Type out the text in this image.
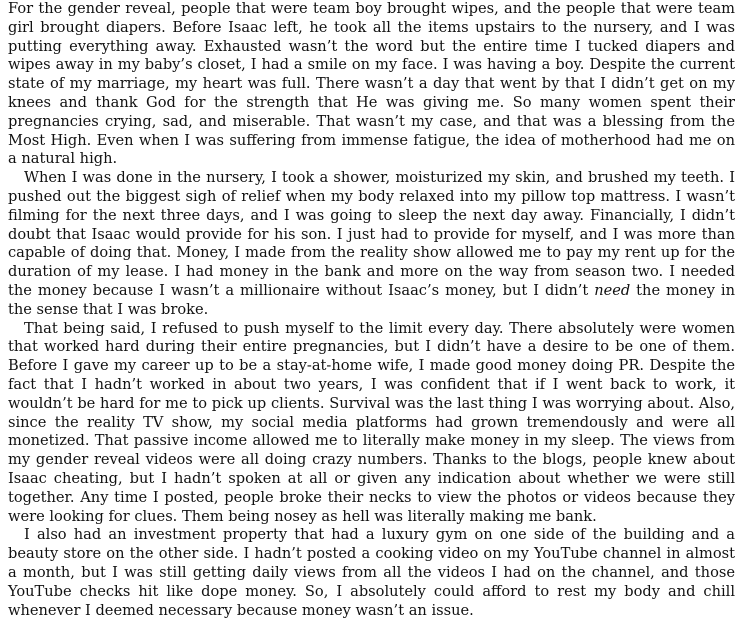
For the gender reveal, people that were team boy brought wipes, and the people that were team girl brought diapers. Before Isaac left, he took all the items upstairs to the nursery, and I was putting everything away. Exhausted wasn’t the word but the entire time I tucked diapers and wipes away in my baby’s closet, I had a smile on my face. I was having a boy. Despite the current state of my marriage, my heart was full. There wasn’t a day that went by that I didn’t get on my knees and thank God for the strength that He was giving me. So many women spent their pregnancies crying, sad, and miserable. That wasn’t my case, and that was a blessing from the Most High. Even when I was suffering from immense fatigue, the idea of motherhood had me on a natural high.

When I was done in the nursery, I took a shower, moisturized my skin, and brushed my teeth. I pushed out the biggest sigh of relief when my body relaxed into my pillow top mattress. I wasn’t filming for the next three days, and I was going to sleep the next day away. Financially, I didn’t doubt that Isaac would provide for his son. I just had to provide for myself, and I was more than capable of doing that. Money, I made from the reality show allowed me to pay my rent up for the duration of my lease. I had money in the bank and more on the way from season two. I needed the money because I wasn’t a millionaire without Isaac’s money, but I didn’t need the money in the sense that I was broke.

That being said, I refused to push myself to the limit every day. There absolutely were women that worked hard during their entire pregnancies, but I didn’t have a desire to be one of them. Before I gave my career up to be a stay-at-home wife, I made good money doing PR. Despite the fact that I hadn’t worked in about two years, I was confident that if I went back to work, it wouldn’t be hard for me to pick up clients. Survival was the last thing I was worrying about. Also, since the reality TV show, my social media platforms had grown tremendously and were all monetized. That passive income allowed me to literally make money in my sleep. The views from my gender reveal videos were all doing crazy numbers. Thanks to the blogs, people knew about Isaac cheating, but I hadn’t spoken at all or given any indication about whether we were still together. Any time I posted, people broke their necks to view the photos or videos because they were looking for clues. Them being nosey as hell was literally making me bank.

I also had an investment property that had a luxury gym on one side of the building and a beauty store on the other side. I hadn’t posted a cooking video on my YouTube channel in almost a month, but I was still getting daily views from all the videos I had on the channel, and those YouTube checks hit like dope money. So, I absolutely could afford to rest my body and chill whenever I deemed necessary because money wasn’t an issue.
